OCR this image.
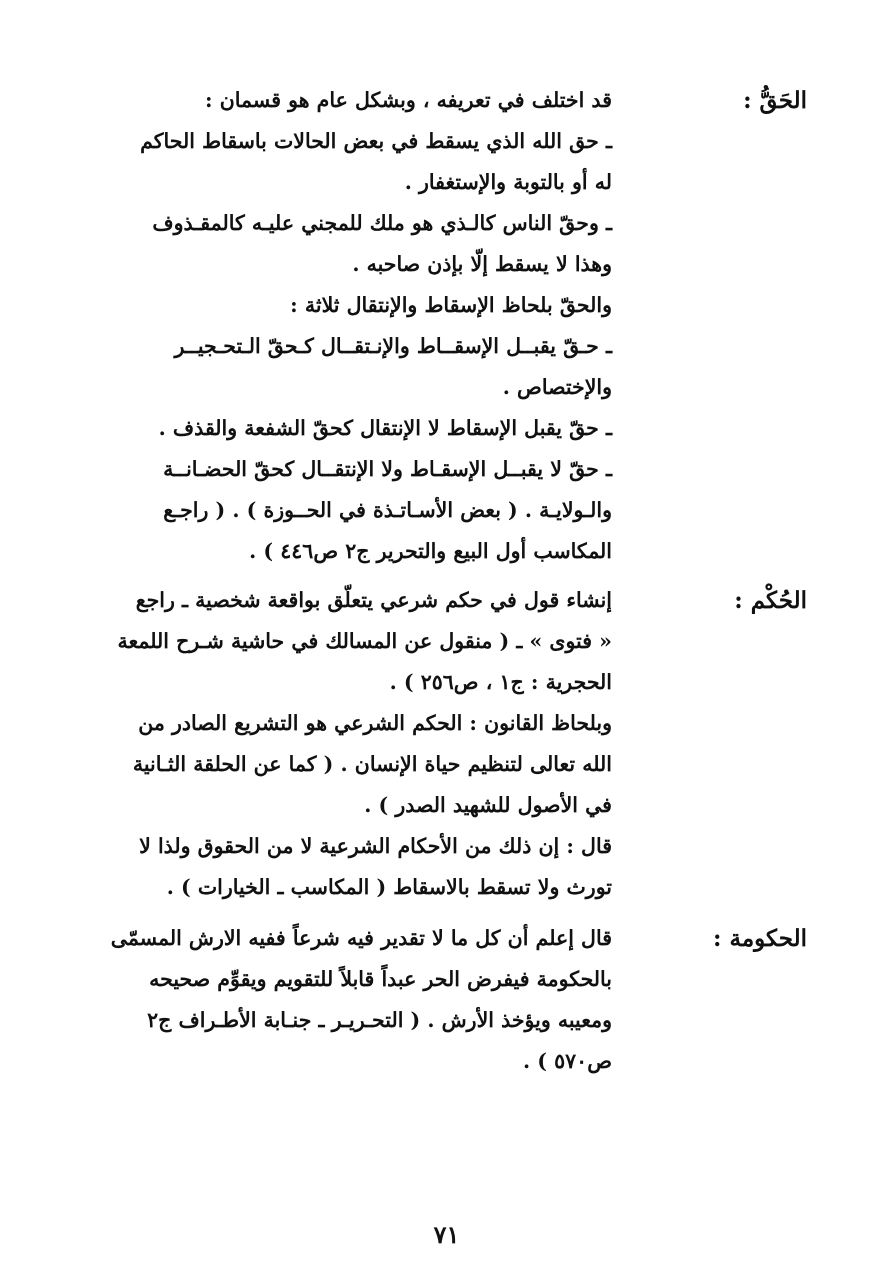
الحَقُّ :
قد اختلف في تعريفه ، وبشكل عام هو قسمان :
ـ حق الله الذي يسقط في بعض الحالات باسقاط الحاكم
له أو بالتوبة والإستغفار .
ـ وحقّ الناس كالـذي هو ملك للمجني عليـه كالمقـذوف
وهذا لا يسقط إلّا بإذن صاحبه .
والحقّ بلحاظ الإسقاط والإنتقال ثلاثة :
ـ حـقّ يقبــل الإسقــاط والإنـتقــال كـحقّ الـتحـجيــر
والإختصاص .
ـ حقّ يقبل الإسقاط لا الإنتقال كحقّ الشفعة والقذف .
ـ حقّ لا يقبــل الإسقـاط ولا الإنتقــال كحقّ الحضـانــة
والـولايـة . ( بعض الأسـاتـذة في الحــوزة ) . ( راجـع
المكاسب أول البيع والتحرير ج٢ ص٤٤٦ ) .
الحُكْم :
إنشاء قول في حكم شرعي يتعلّق بواقعة شخصية ـ راجع
« فتوى » ـ ( منقول عن المسالك في حاشية شـرح اللمعة
الحجرية : ج١ ، ص٢٥٦ ) .
وبلحاظ القانون : الحكم الشرعي هو التشريع الصادر من
الله تعالى لتنظيم حياة الإنسان . ( كما عن الحلقة الثـانية
في الأصول للشهيد الصدر ) .
قال : إن ذلك من الأحكام الشرعية لا من الحقوق ولذا لا
تورث ولا تسقط بالاسقاط ( المكاسب ـ الخيارات ) .
الحكومة :
قال إعلم أن كل ما لا تقدير فيه شرعاً ففيه الارش المسمّى
بالحكومة فيفرض الحر عبداً قابلاً للتقويم ويقوِّم صحيحه
ومعيبه ويؤخذ الأرش . ( التحـريـر ـ جنـابة الأطـراف ج٢
ص٥٧٠ ) .
٧١
